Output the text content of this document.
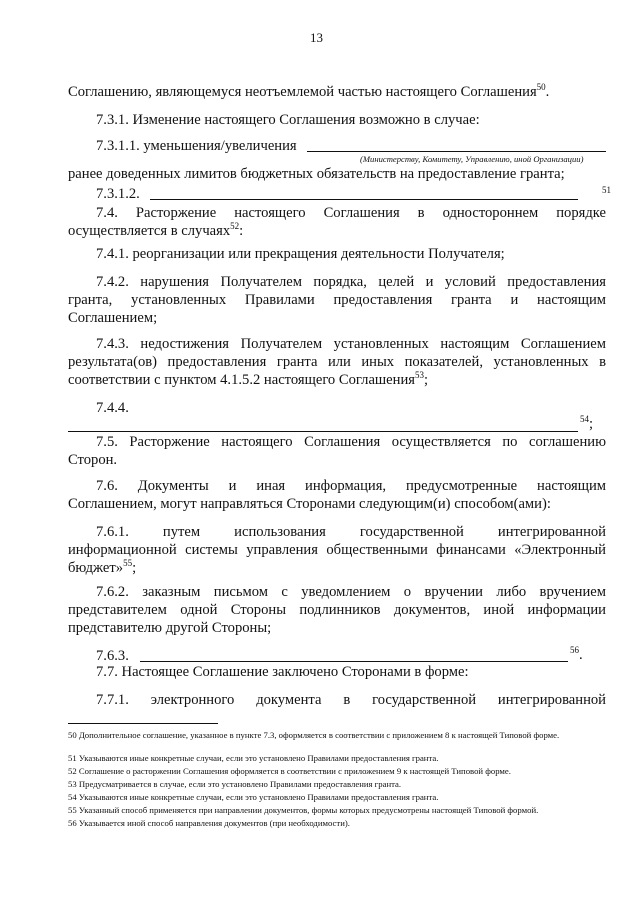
13
Соглашению, являющемуся неотъемлемой частью настоящего Соглашения$^{50}$.
7.3.1. Изменение настоящего Соглашения возможно в случае:
7.3.1.1. уменьшения/увеличения
(Министерству, Комитету, Управлению, иной Организации)
ранее доведенных лимитов бюджетных обязательств на предоставление гранта;
7.3.1.2.	51
7.4. Расторжение настоящего Соглашения в одностороннем порядке
осуществляется в случаях$^{52}$:
7.4.1. реорганизации или прекращения деятельности Получателя;
7.4.2. нарушения Получателем порядка, целей и условий предоставления
гранта, установленных Правилами предоставления гранта и настоящим
Соглашением;
7.4.3. недостижения Получателем установленных настоящим Соглашением
результата(ов) предоставления гранта или иных показателей, установленных в
соответствии с пунктом 4.1.5.2 настоящего Соглашения$^{53}$;
7.4.4.
$^{54}$;
7.5. Расторжение настоящего Соглашения осуществляется по соглашению
Сторон.
7.6. Документы и иная информация, предусмотренные настоящим
Соглашением, могут направляться Сторонами следующим(и) способом(ами):
7.6.1. путем использования государственной интегрированной
информационной системы управления общественными финансами «Электронный
бюджет»$^{55}$;
7.6.2. заказным письмом с уведомлением о вручении либо вручением
представителем одной Стороны подлинников документов, иной информации
представителю другой Стороны;
7.6.3.	$^{56}$.
7.7. Настоящее Соглашение заключено Сторонами в форме:
7.7.1. электронного документа в государственной интегрированной
50 Дополнительное соглашение, указанное в пункте 7.3, оформляется в соответствии с приложением 8 к настоящей Типовой форме.
51 Указываются иные конкретные случаи, если это установлено Правилами предоставления гранта.
52 Соглашение о расторжении Соглашения оформляется в соответствии с приложением 9 к настоящей Типовой форме.
53 Предусматривается в случае, если это установлено Правилами предоставления гранта.
54 Указываются иные конкретные случаи, если это установлено Правилами предоставления гранта.
55 Указанный способ применяется при направлении документов, формы которых предусмотрены настоящей Типовой формой.
56 Указывается иной способ направления документов (при необходимости).
